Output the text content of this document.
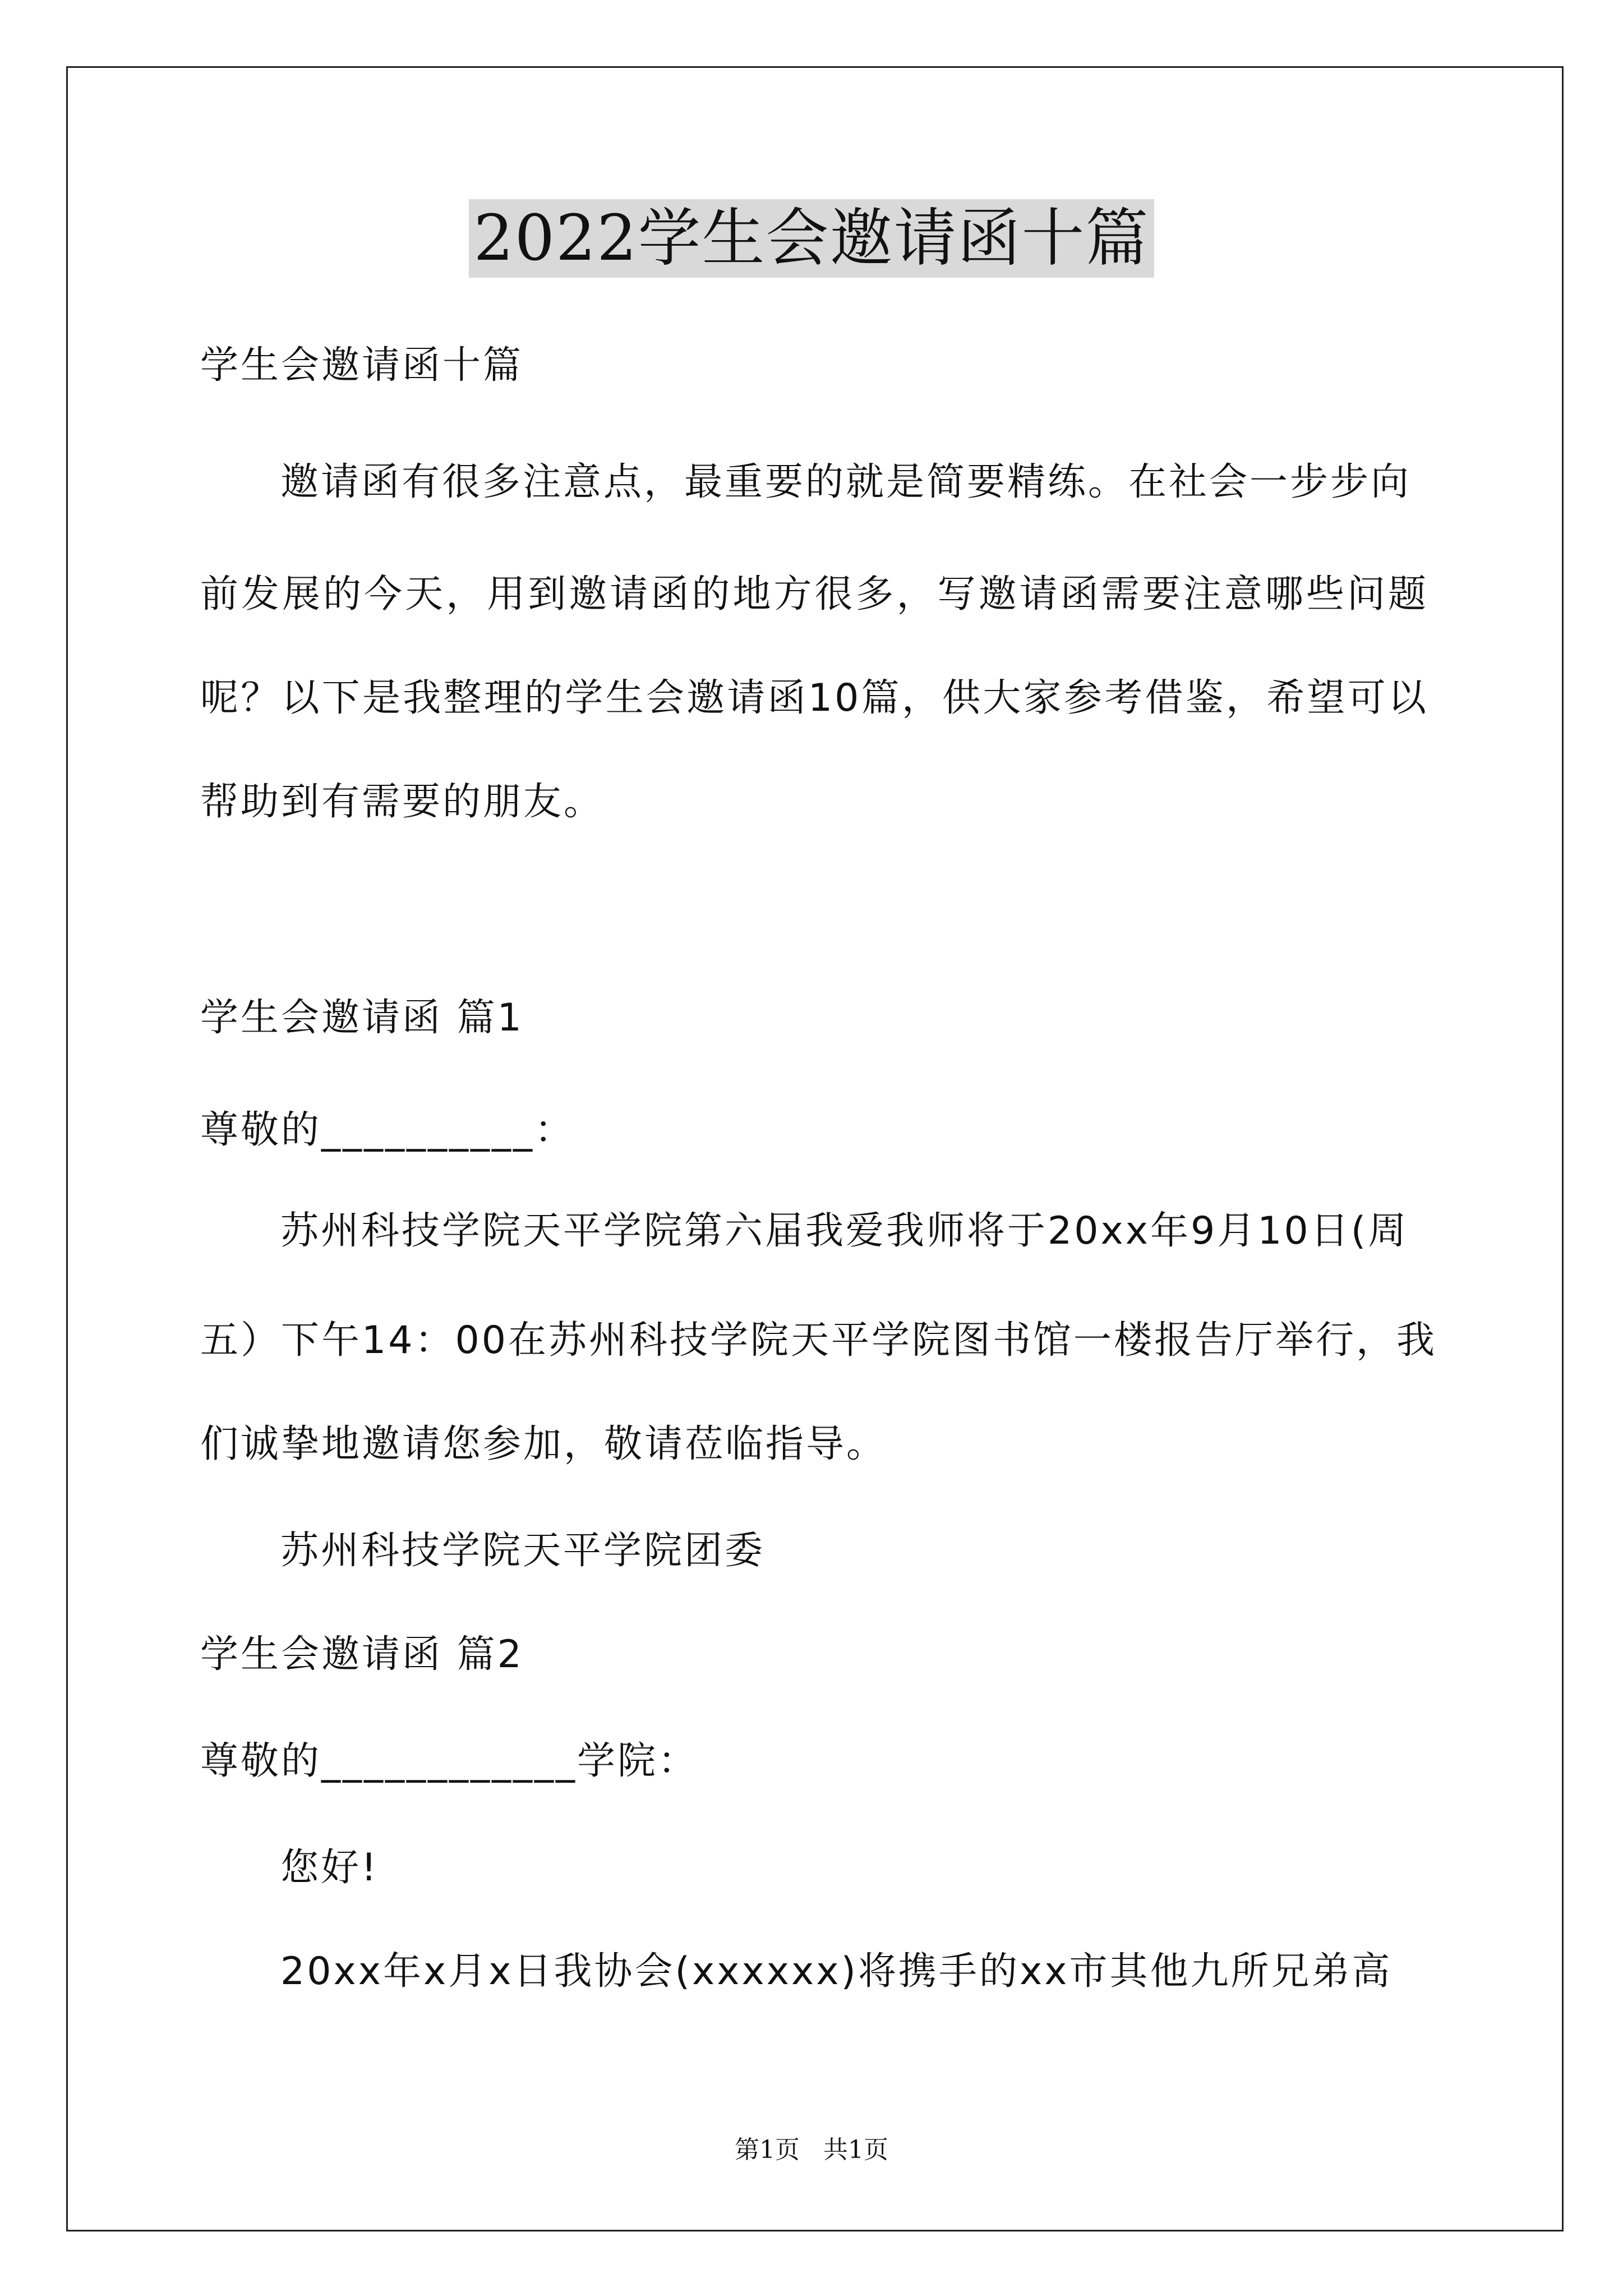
2022学生会邀请函十篇
学生会邀请函十篇
邀请函有很多注意点，最重要的就是简要精练。在社会一步步向
前发展的今天，用到邀请函的地方很多，写邀请函需要注意哪些问题
呢？以下是我整理的学生会邀请函10篇，供大家参考借鉴，希望可以
帮助到有需要的朋友。
学生会邀请函 篇1
尊敬的__________：
苏州科技学院天平学院第六届我爱我师将于20xx年9月10日(周
五）下午14：00在苏州科技学院天平学院图书馆一楼报告厅举行，我
们诚挚地邀请您参加，敬请莅临指导。
苏州科技学院天平学院团委
学生会邀请函 篇2
尊敬的____________学院：
您好!
20xx年x月x日我协会(xxxxxx)将携手的xx市其他九所兄弟高
第1页 共1页
